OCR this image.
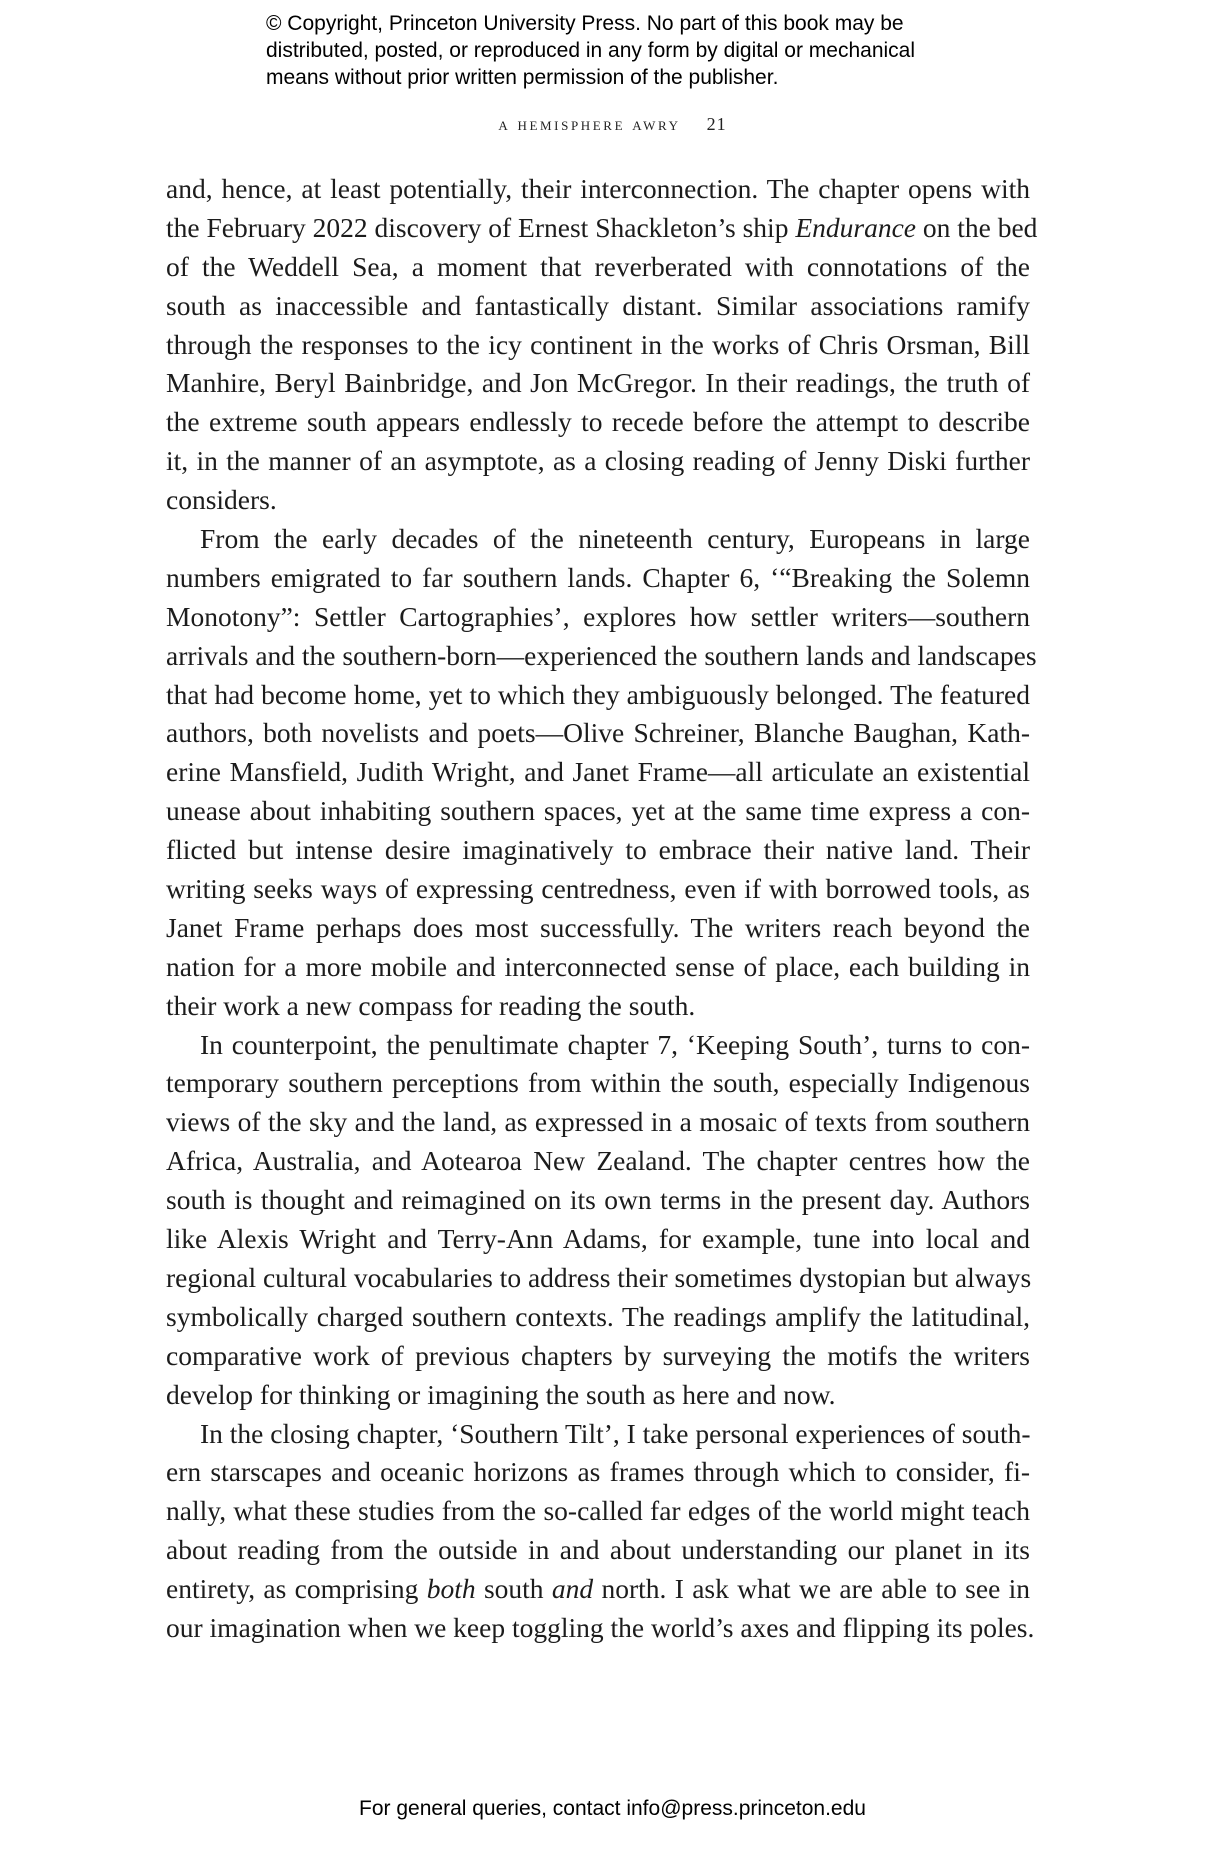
© Copyright, Princeton University Press. No part of this book may be
distributed, posted, or reproduced in any form by digital or mechanical
means without prior written permission of the publisher.
a hemisphere awry 21
and, hence, at least potentially, their interconnection. The chapter opens with
the February 2022 discovery of Ernest Shackleton’s ship Endurance on the bed
of the Weddell Sea, a moment that reverberated with connotations of the
south as inaccessible and fantastically distant. Similar associations ramify
through the responses to the icy continent in the works of Chris Orsman, Bill
Manhire, Beryl Bainbridge, and Jon McGregor. In their readings, the truth of
the extreme south appears endlessly to recede before the attempt to describe
it, in the manner of an asymptote, as a closing reading of Jenny Diski further
considers.
From the early decades of the nineteenth century, Europeans in large
numbers emigrated to far southern lands. Chapter 6, ‘“Breaking the Solemn
Monotony”: Settler Cartographies’, explores how settler writers—southern
arrivals and the southern-born—experienced the southern lands and landscapes
that had become home, yet to which they ambiguously belonged. The featured
authors, both novelists and poets—Olive Schreiner, Blanche Baughan, Kath-
erine Mansfield, Judith Wright, and Janet Frame—all articulate an existential
unease about inhabiting southern spaces, yet at the same time express a con-
flicted but intense desire imaginatively to embrace their native land. Their
writing seeks ways of expressing centredness, even if with borrowed tools, as
Janet Frame perhaps does most successfully. The writers reach beyond the
nation for a more mobile and interconnected sense of place, each building in
their work a new compass for reading the south.
In counterpoint, the penultimate chapter 7, ‘Keeping South’, turns to con-
temporary southern perceptions from within the south, especially Indigenous
views of the sky and the land, as expressed in a mosaic of texts from southern
Africa, Australia, and Aotearoa New Zealand. The chapter centres how the
south is thought and reimagined on its own terms in the present day. Authors
like Alexis Wright and Terry-Ann Adams, for example, tune into local and
regional cultural vocabularies to address their sometimes dystopian but always
symbolically charged southern contexts. The readings amplify the latitudinal,
comparative work of previous chapters by surveying the motifs the writers
develop for thinking or imagining the south as here and now.
In the closing chapter, ‘Southern Tilt’, I take personal experiences of south-
ern starscapes and oceanic horizons as frames through which to consider, fi-
nally, what these studies from the so-called far edges of the world might teach
about reading from the outside in and about understanding our planet in its
entirety, as comprising both south and north. I ask what we are able to see in
our imagination when we keep toggling the world’s axes and flipping its poles.
For general queries, contact info@press.princeton.edu
